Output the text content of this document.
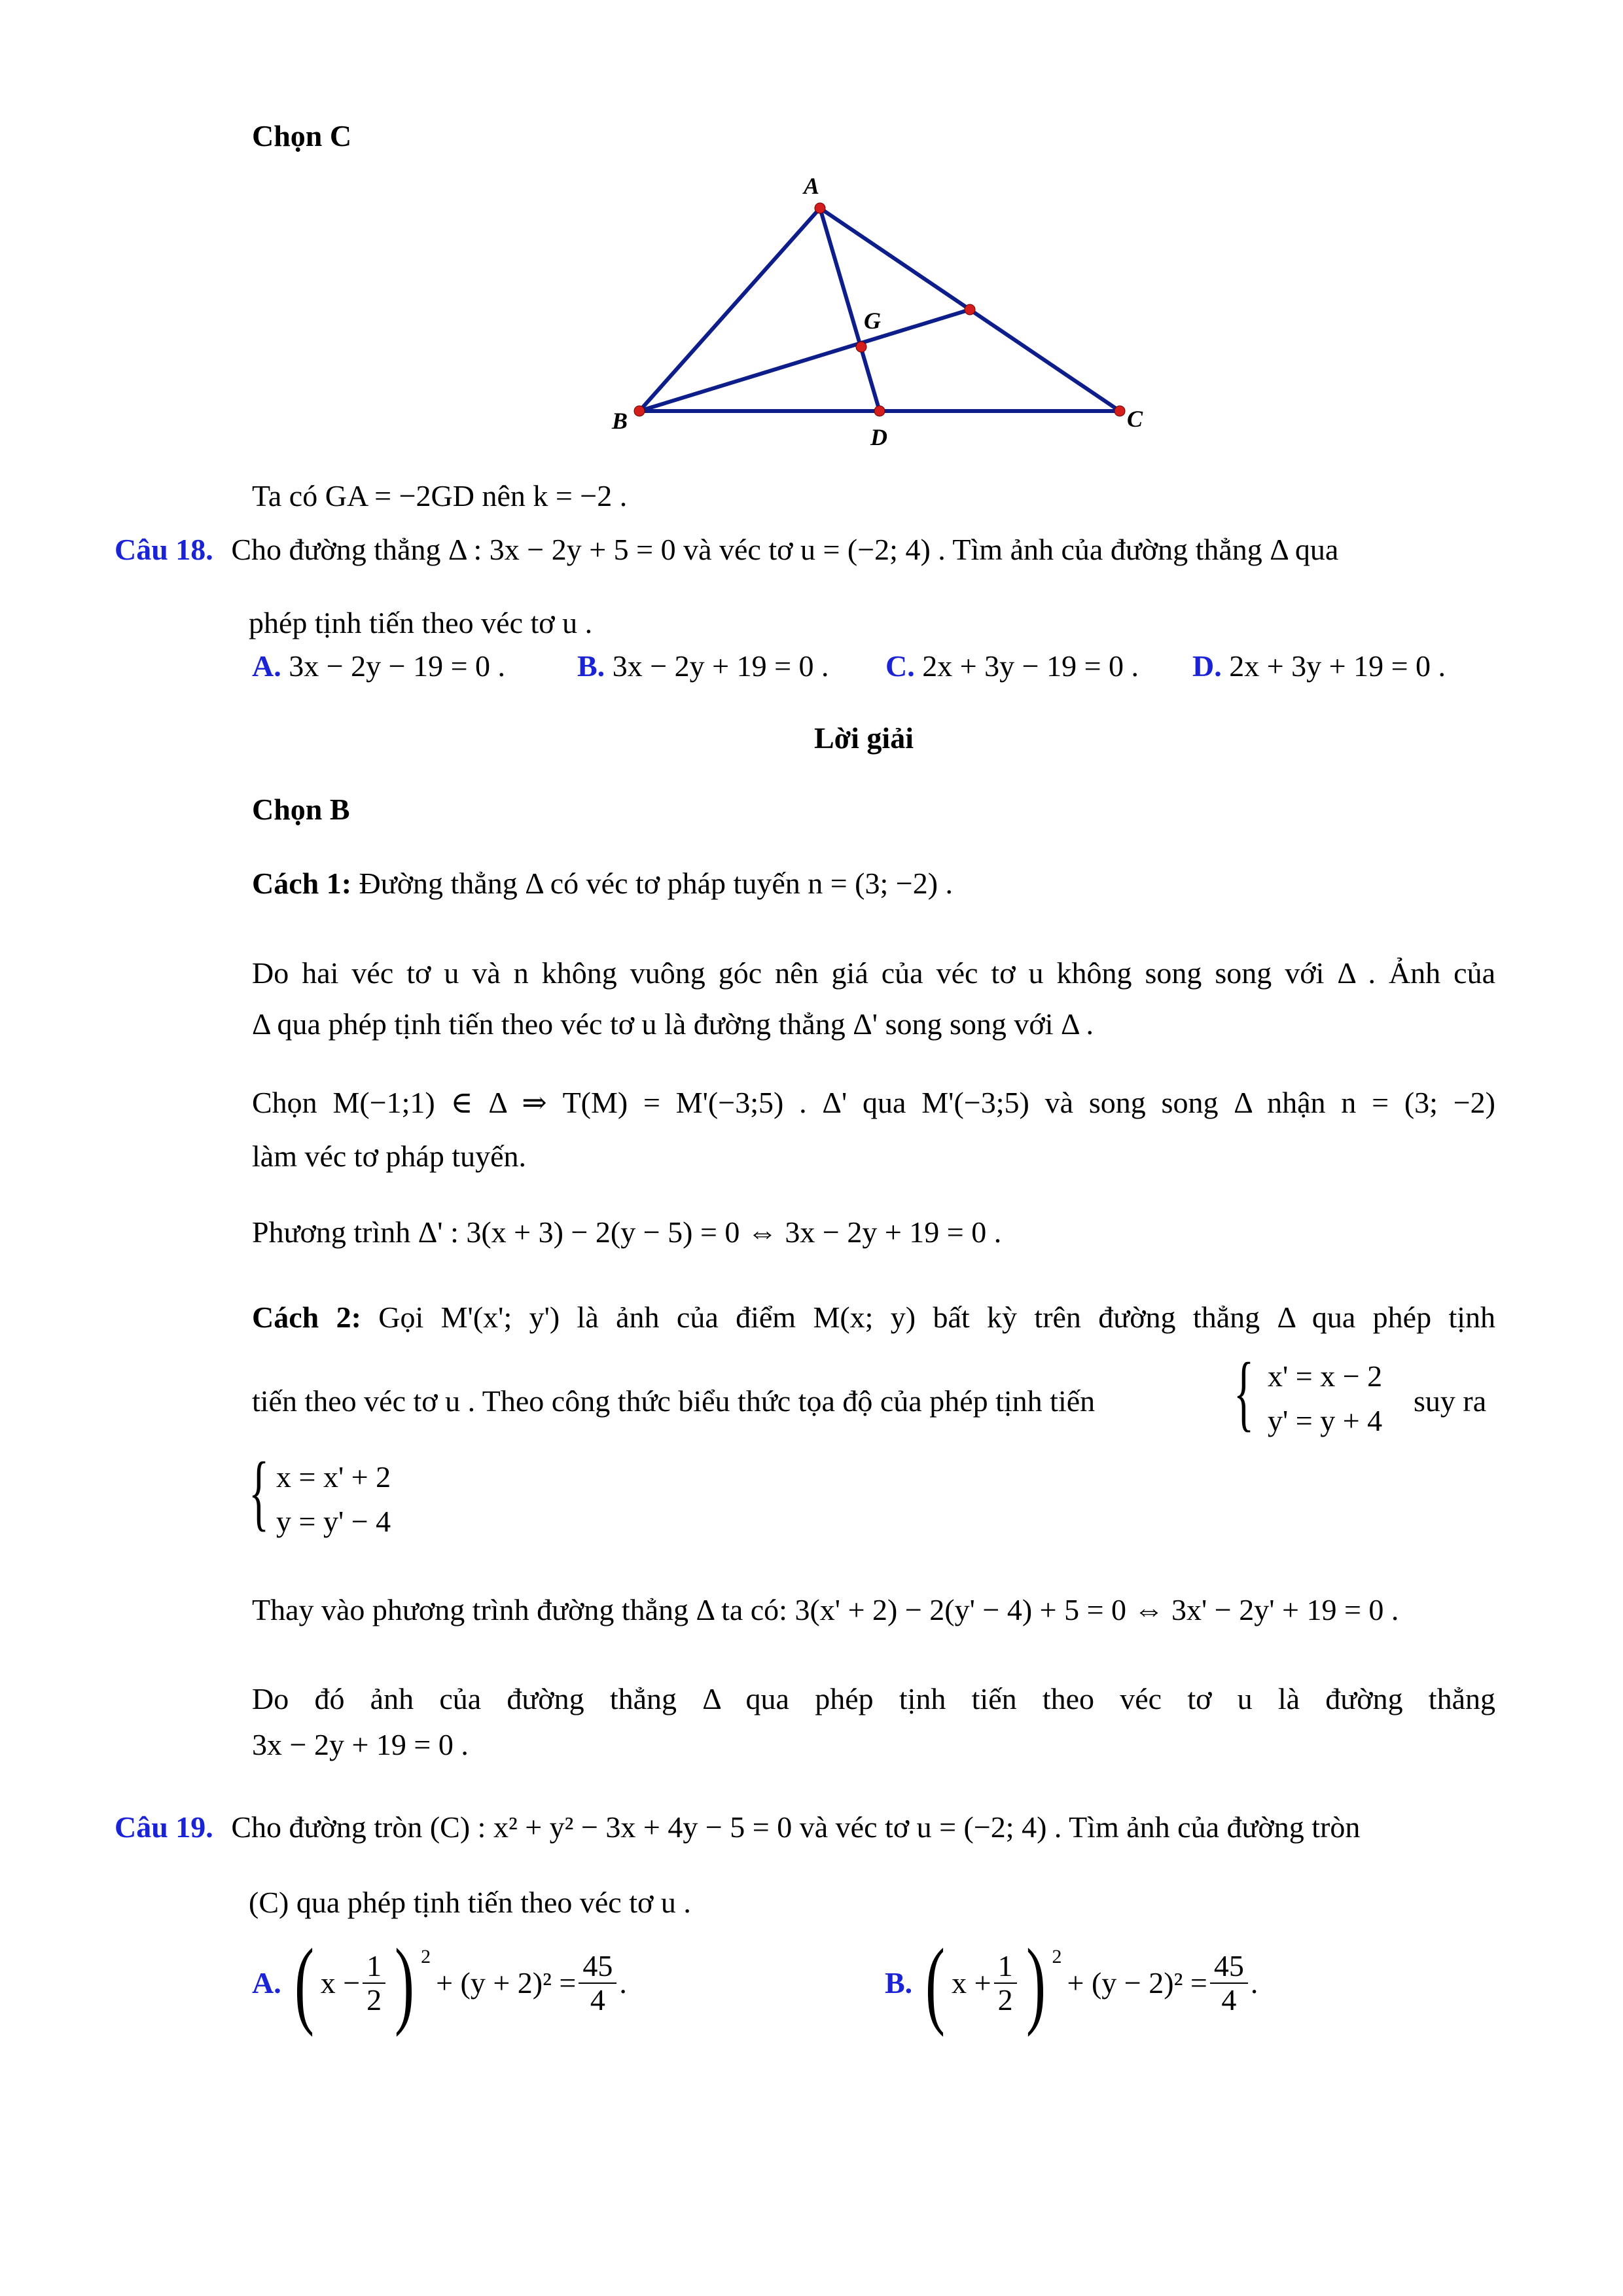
Chọn C
A
B	C
D
G
Ta có GA = −2GD nên k = −2 .
Câu 18. Cho đường thẳng Δ : 3x − 2y + 5 = 0 và véc tơ u = (−2; 4) . Tìm ảnh của đường thẳng Δ qua
phép tịnh tiến theo véc tơ u .
A. 3x − 2y − 19 = 0 . B. 3x − 2y + 19 = 0 . C. 2x + 3y − 19 = 0 . D. 2x + 3y + 19 = 0 .
Lời giải
Chọn B
Cách 1: Đường thẳng Δ có véc tơ pháp tuyến n = (3; −2) .
Do hai véc tơ u và n không vuông góc nên giá của véc tơ u không song song với Δ . Ảnh của
Δ qua phép tịnh tiến theo véc tơ u là đường thẳng Δ' song song với Δ .
Chọn M(−1;1) ∈ Δ ⇒ T(M) = M'(−3;5) . Δ' qua M'(−3;5) và song song Δ nhận n = (3; −2)
làm véc tơ pháp tuyến.
Phương trình Δ' : 3(x + 3) − 2(y − 5) = 0 ⇔ 3x − 2y + 19 = 0 .
Cách 2: Gọi M'(x'; y') là ảnh của điểm M(x; y) bất kỳ trên đường thẳng Δ qua phép tịnh
tiến theo véc tơ u . Theo công thức biểu thức tọa độ của phép tịnh tiến { x' = x − 2
y' = y + 4
suy ra
{ x = x' + 2
y = y' − 4
Thay vào phương trình đường thẳng Δ ta có: 3(x' + 2) − 2(y' − 4) + 5 = 0 ⇔ 3x' − 2y' + 19 = 0 .
Do đó ảnh của đường thẳng Δ qua phép tịnh tiến theo véc tơ u là đường thẳng
3x − 2y + 19 = 0 .
Câu 19. Cho đường tròn (C) : x² + y² − 3x + 4y − 5 = 0 và véc tơ u = (−2; 4) . Tìm ảnh của đường tròn
(C) qua phép tịnh tiến theo véc tơ u .
A. ( $x - \frac{1}{2}$ ) 2
+ $(y + 2)^2 = \frac{45}{4}$ .	B. ( $x + \frac{1}{2}$ ) 2
+ $(y - 2)^2 = \frac{45}{4}$ .
